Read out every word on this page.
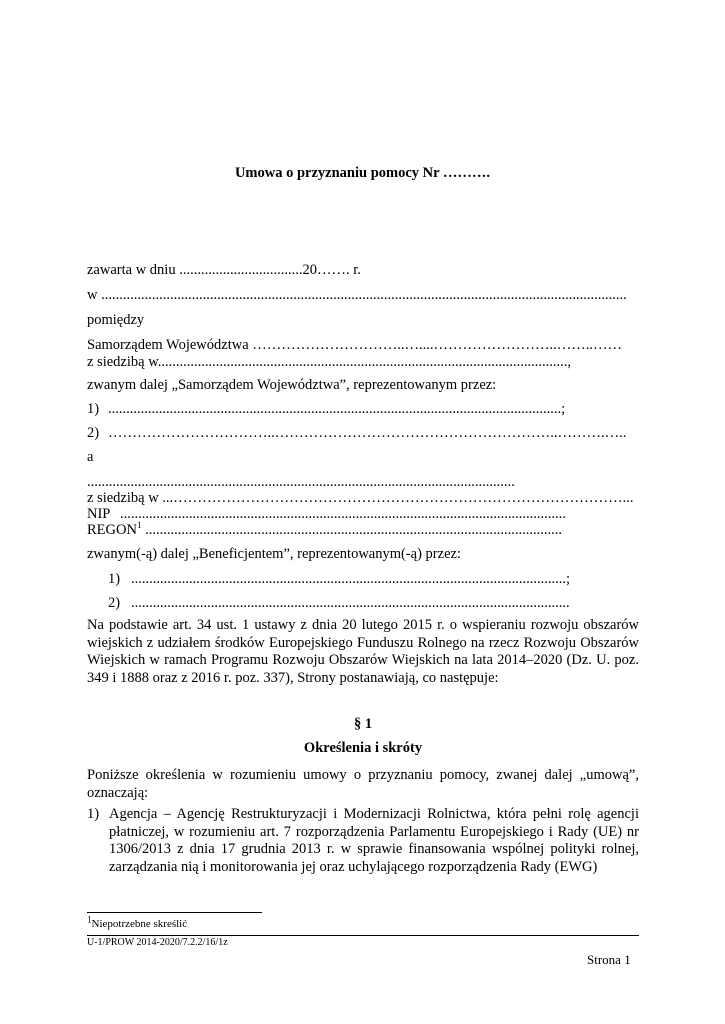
Umowa o przyznaniu pomocy Nr ……….
zawarta w dniu ..................................20……. r.
w .................................................................................................................................................
pomiędzy
Samorządem Województwa …………………………..…....……………………..……..……
z siedzibą w.................................................................................................................,
zwanym dalej „Samorządem Województwa”, reprezentowanym przez:
1) .............................................................................................................................;
2) ……………………………..…………………………………………………..……….…..
a
......................................................................................................................
z siedzibą w ...…………………………………………………………………………………...
NIP ...........................................................................................................................
REGON$^1$ ...................................................................................................................
zwanym(-ą) dalej „Beneficjentem”, reprezentowanym(-ą) przez:
1) ........................................................................................................................;
2) .........................................................................................................................
Na podstawie art. 34 ust. 1 ustawy z dnia 20 lutego 2015 r. o wspieraniu rozwoju obszarów wiejskich z udziałem środków Europejskiego Funduszu Rolnego na rzecz Rozwoju Obszarów Wiejskich w ramach Programu Rozwoju Obszarów Wiejskich na lata 2014–2020 (Dz. U. poz. 349 i 1888 oraz z 2016 r. poz. 337), Strony postanawiają, co następuje:
§ 1
Określenia i skróty
Poniższe określenia w rozumieniu umowy o przyznaniu pomocy, zwanej dalej „umową”, oznaczają:
1) Agencja – Agencję Restrukturyzacji i Modernizacji Rolnictwa, która pełni rolę agencji płatniczej, w rozumieniu art. 7 rozporządzenia Parlamentu Europejskiego i Rady (UE) nr 1306/2013 z dnia 17 grudnia 2013 r. w sprawie finansowania wspólnej polityki rolnej, zarządzania nią i monitorowania jej oraz uchylającego rozporządzenia Rady (EWG)
$^1$Niepotrzebne skreślić
U-1/PROW 2014-2020/7.2.2/16/1z
Strona 1
